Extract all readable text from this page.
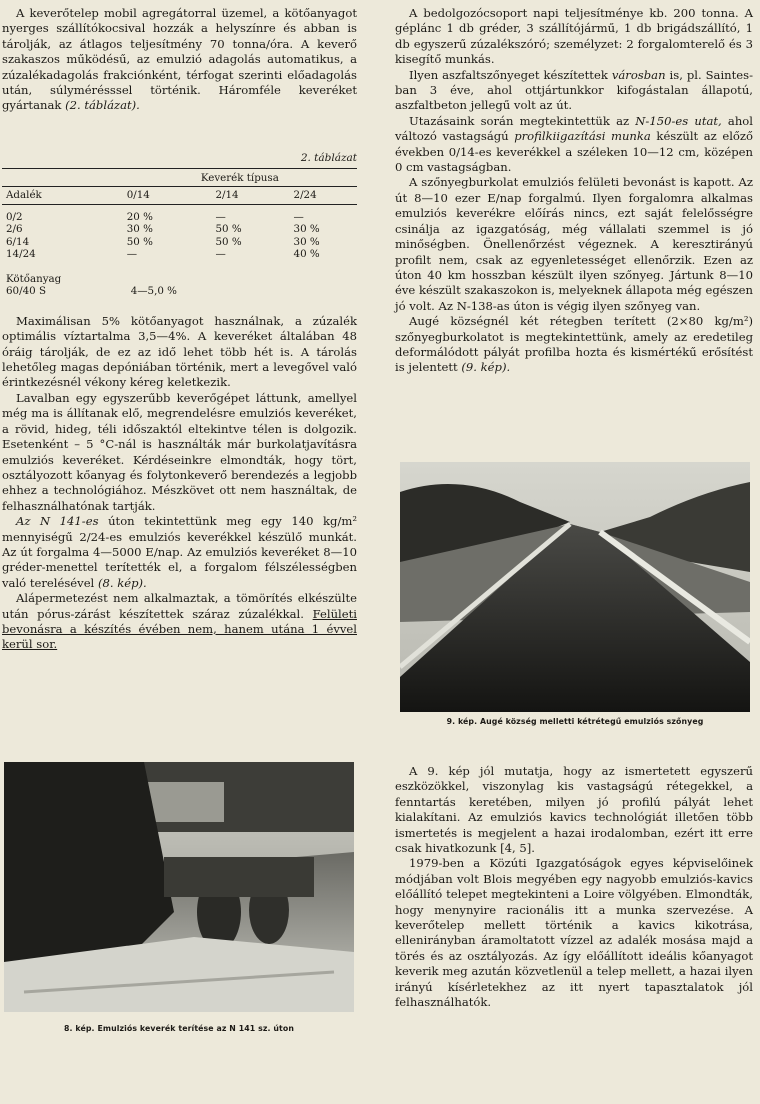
A keverőtelep mobil agregátorral üzemel, a kötőanyagot nyerges szállítókocsival hozzák a helyszínre és abban is tárolják, az átlagos teljesítmény 70 tonna/óra. A keverő szakaszos működésű, az emulzió adagolás automatikus, a zúzalékadagolás frakciónként, térfogat szerinti előadagolás után, súlymérésssel történik. Háromféle keveréket gyártanak (2. táblázat).

2. táblázat
	Keverék típusa		
Adalék	0/14	2/14	2/24

0/2	20 %	—	—
2/6	30 %	50 %	30 %
6/14	50 %	50 %	30 %
14/24	—	—	40 %

Kötőanyag			
60/40 S	4—5,0 %		

Maximálisan 5% kötőanyagot használnak, a zúzalék optimális víztartalma 3,5—4%. A keveréket általában 48 óráig tárolják, de ez az idő lehet több hét is. A tárolás lehetőleg magas depóniában történik, mert a levegővel való érintkezésnél vékony kéreg keletkezik.

Lavalban egy egyszerűbb keverőgépet láttunk, amellyel még ma is állítanak elő, megrendelésre emulziós keveréket, a rövid, hideg, téli időszaktól eltekintve télen is dolgozik. Esetenként – 5 °C-nál is használták már burkolatjavításra emulziós keveréket. Kérdéseinkre elmondták, hogy tört, osztályozott kőanyag és folytonkeverő berendezés a legjobb ehhez a technológiához. Mészkövet ott nem használtak, de felhasználhatónak tartják.

Az N 141-es úton tekintettünk meg egy 140 kg/m² mennyiségű 2/24-es emulziós keverékkel készülő munkát. Az út forgalma 4—5000 E/nap. Az emulziós keveréket 8—10 gréder-menettel terítették el, a forgalom félszélességben való terelésével (8. kép).

Alápermetezést nem alkalmaztak, a tömörítés elkészülte után pórus-zárást készítettek száraz zúzalékkal. Felületi bevonásra a készítés évében nem, hanem utána 1 évvel kerül sor.

8. kép. Emulziós keverék terítése az N 141 sz. úton

A bedolgozócsoport napi teljesítménye kb. 200 tonna. A géplánc 1 db gréder, 3 szállítójármű, 1 db brigádszállító, 1 db egyszerű zúzalékszóró; személyzet: 2 forgalomterelő és 3 kisegítő munkás.

Ilyen aszfaltszőnyeget készítettek városban is, pl. Saintes-ban 3 éve, ahol ottjártunkkor kifogástalan állapotú, aszfaltbeton jellegű volt az út.

Utazásaink során megtekintettük az N-150-es utat, ahol változó vastagságú profilkiigazítási munka készült az előző években 0/14-es keverékkel a széleken 10—12 cm, középen 0 cm vastagságban.

A szőnyegburkolat emulziós felületi bevonást is kapott. Az út 8—10 ezer E/nap forgalmú. Ilyen forgalomra alkalmas emulziós keverékre előírás nincs, ezt saját felelősségre csinálja az igazgatóság, még vállalati szemmel is jó minőségben. Önellenőrzést végeznek. A keresztirányú profilt nem, csak az egyenletességet ellenőrzik. Ezen az úton 40 km hosszban készült ilyen szőnyeg. Jártunk 8—10 éve készült szakaszokon is, melyeknek állapota még egészen jó volt. Az N-138-as úton is végig ilyen szőnyeg van.

Augé községnél két rétegben terített (2×80 kg/m²) szőnyegburkolatot is megtekintettünk, amely az eredetileg deformálódott pályát profilba hozta és kismértékű erősítést is jelentett (9. kép).

9. kép. Augé község melletti kétrétegű emulziós szőnyeg

A 9. kép jól mutatja, hogy az ismertetett egyszerű eszközökkel, viszonylag kis vastagságú rétegekkel, a fenntartás keretében, milyen jó profilú pályát lehet kialakítani. Az emulziós kavics technológiát illetően több ismertetés is megjelent a hazai irodalomban, ezért itt erre csak hivatkozunk [4, 5].

1979-ben a Közúti Igazgatóságok egyes képviselőinek módjában volt Blois megyében egy nagyobb emulziós-kavics előállító telepet megtekinteni a Loire völgyében. Elmondták, hogy menynyire racionális itt a munka szervezése. A keverőtelep mellett történik a kavics kikotrása, ellenirányban áramoltatott vízzel az adalék mosása majd a törés és az osztályozás. Az így előállított ideális kőanyagot keverik meg azután közvetlenül a telep mellett, a hazai ilyen irányú kísérletekhez az itt nyert tapasztalatok jól felhasználhatók.
